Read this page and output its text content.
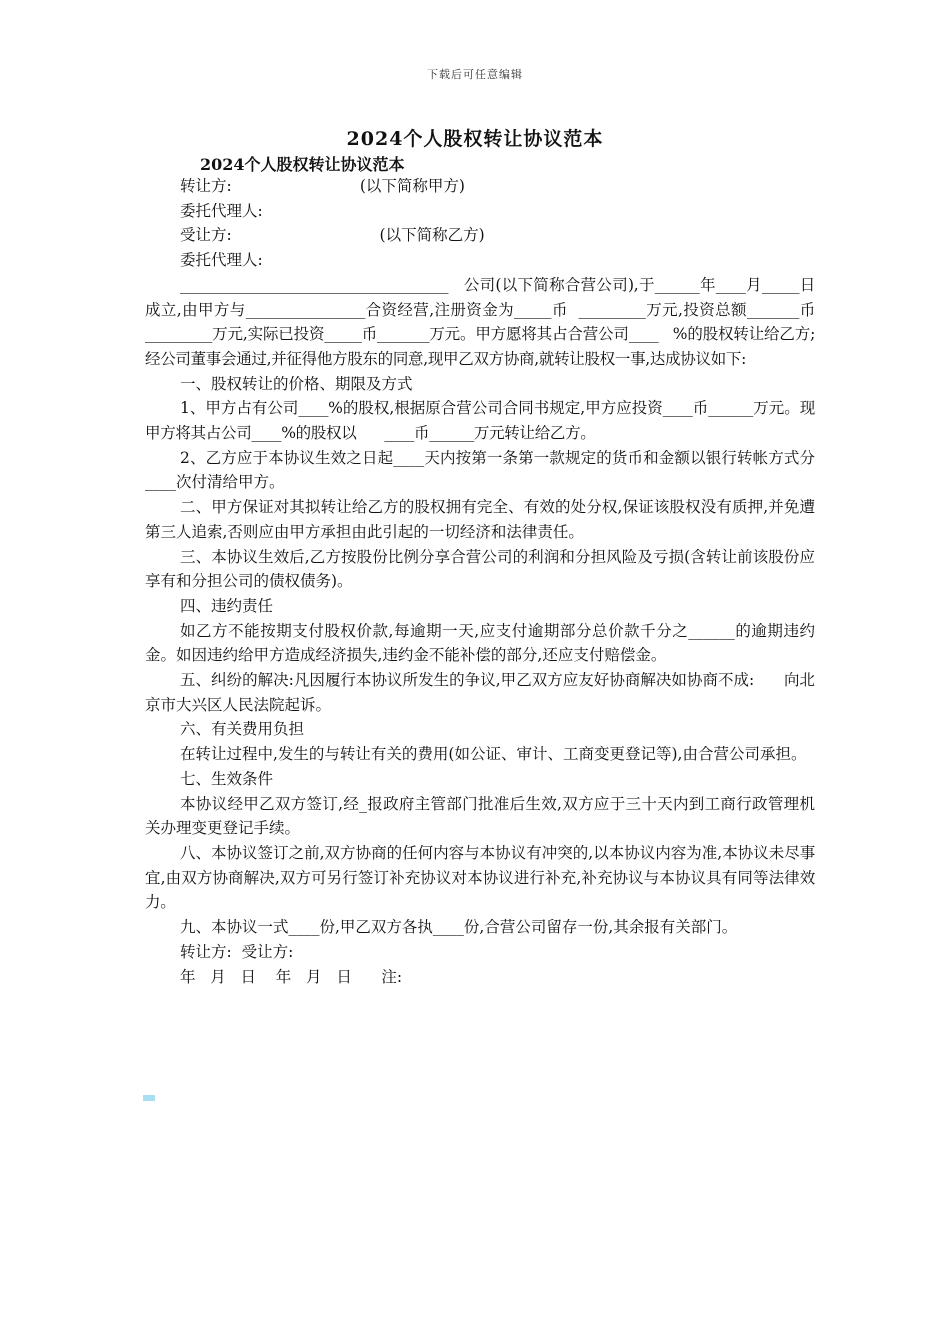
下载后可任意编辑
2024个人股权转让协议范本
2024个人股权转让协议范本

转让方:                          (以下简称甲方)

委托代理人:

受让方:                              (以下简称乙方)

委托代理人:

____________________________________   公司(以下简称合营公司),于______年____月_____日成立,由甲方与________________合资经营,注册资金为_____币  _________万元,投资总额_______币_________万元,实际已投资_____币_______万元。甲方愿将其占合营公司____   %的股权转让给乙方;经公司董事会通过,并征得他方股东的同意,现甲乙双方协商,就转让股权一事,达成协议如下:

一、股权转让的价格、期限及方式

1、甲方占有公司____%的股权,根据原合营公司合同书规定,甲方应投资____币______万元。现甲方将其占公司____%的股权以      ____币______万元转让给乙方。

2、乙方应于本协议生效之日起____天内按第一条第一款规定的货币和金额以银行转帐方式分____次付清给甲方。

二、甲方保证对其拟转让给乙方的股权拥有完全、有效的处分权,保证该股权没有质押,并免遭第三人追索,否则应由甲方承担由此引起的一切经济和法律责任。

三、本协议生效后,乙方按股份比例分享合营公司的利润和分担风险及亏损(含转让前该股份应享有和分担公司的债权债务)。

四、违约责任

如乙方不能按期支付股权价款,每逾期一天,应支付逾期部分总价款千分之______的逾期违约金。如因违约给甲方造成经济损失,违约金不能补偿的部分,还应支付赔偿金。

五、纠纷的解决:凡因履行本协议所发生的争议,甲乙双方应友好协商解决如协商不成:      向北京市大兴区人民法院起诉。

六、有关费用负担

在转让过程中,发生的与转让有关的费用(如公证、审计、工商变更登记等),由合营公司承担。

七、生效条件

本协议经甲乙双方签订,经_报政府主管部门批准后生效,双方应于三十天内到工商行政管理机关办理变更登记手续。

八、本协议签订之前,双方协商的任何内容与本协议有冲突的,以本协议内容为准,本协议未尽事宜,由双方协商解决,双方可另行签订补充协议对本协议进行补充,补充协议与本协议具有同等法律效力。

九、本协议一式____份,甲乙双方各执____份,合营公司留存一份,其余报有关部门。

转让方:  受让方:

年   月   日    年   月   日      注:
